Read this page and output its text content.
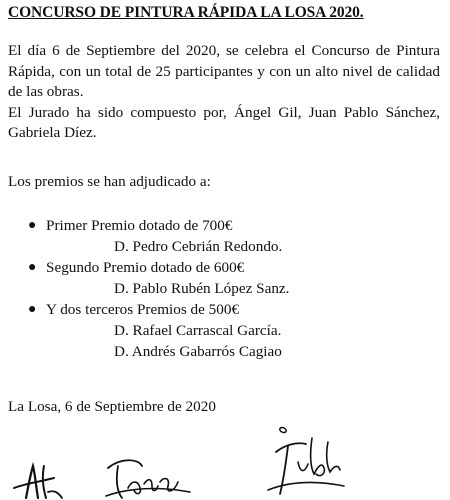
CONCURSO DE PINTURA RÁPIDA LA LOSA 2020.

El día 6 de Septiembre del 2020, se celebra el Concurso de Pintura Rápida, con un total de 25 participantes y con un alto nivel de calidad de las obras.

El Jurado ha sido compuesto por, Ángel Gil, Juan Pablo Sánchez, Gabriela Díez.

Los premios se han adjudicado a:
● Primer Premio dotado de 700€
D. Pedro Cebrián Redondo.
● Segundo Premio dotado de 600€
D. Pablo Rubén López Sanz.
● Y dos terceros Premios de 500€
D. Rafael Carrascal García.
D. Andrés Gabarrós Cagiao
La Losa, 6 de Septiembre de 2020
